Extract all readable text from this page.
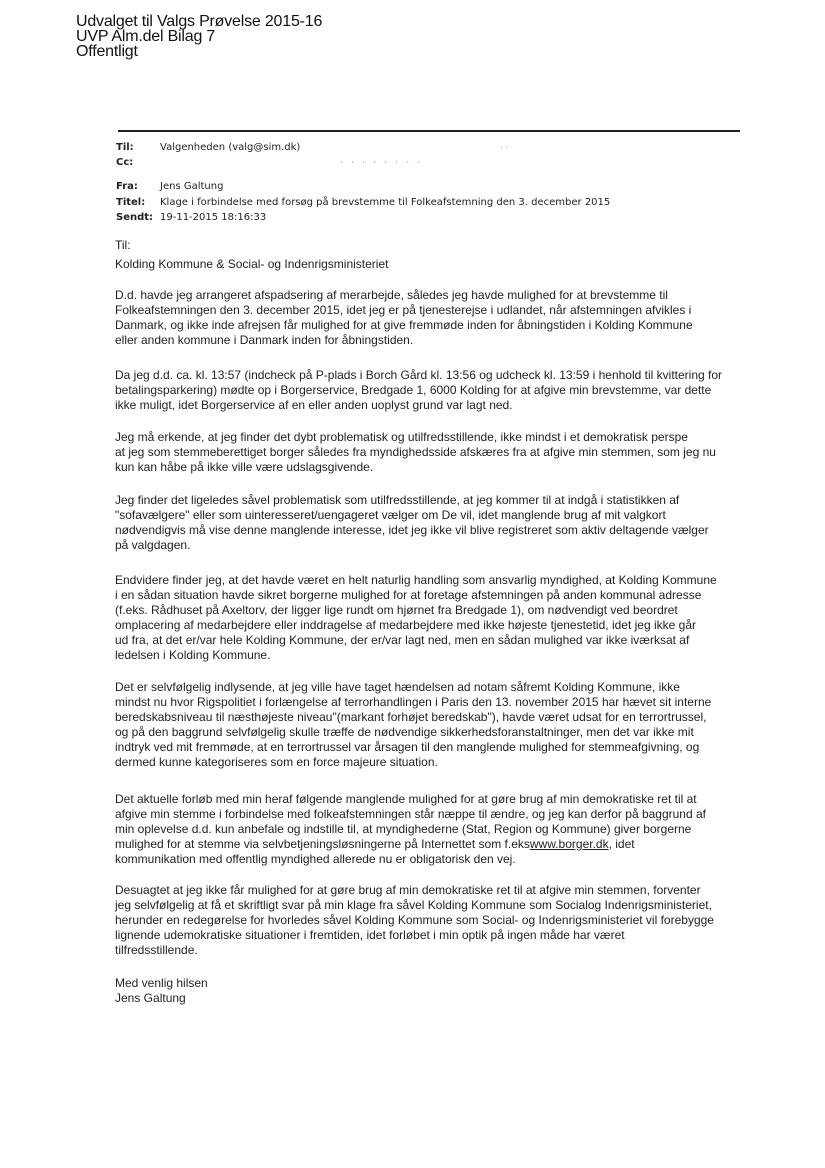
Udvalget til Valgs Prøvelse 2015-16
UVP Alm.del Bilag 7
Offentligt
Til:	Valgenheden (valg@sim.dk)
Cc:	· · · · · · · ·
··
Fra: Jens Galtung
Titel: Klage i forbindelse med forsøg på brevstemme til Folkeafstemning den 3. december 2015
Sendt: 19-11-2015 18:16:33
Til:
Kolding Kommune & Social- og Indenrigsministeriet
D.d. havde jeg arrangeret afspadsering af merarbejde, således jeg havde mulighed for at brevstemme til
Folkeafstemningen den 3. december 2015, idet jeg er på tjenesterejse i udlandet, når afstemningen afvikles i
Danmark, og ikke inde afrejsen får mulighed for at give fremmøde inden for åbningstiden i Kolding Kommune
eller anden kommune i Danmark inden for åbningstiden.
Da jeg d.d. ca. kl. 13:57 (indcheck på P-plads i Borch Gård kl. 13:56 og udcheck kl. 13:59 i henhold til kvittering for
betalingsparkering) mødte op i Borgerservice, Bredgade 1, 6000 Kolding for at afgive min brevstemme, var dette
ikke muligt, idet Borgerservice af en eller anden uoplyst grund var lagt ned.
Jeg må erkende, at jeg finder det dybt problematisk og utilfredsstillende, ikke mindst i et demokratisk perspe
at jeg som stemmeberettiget borger således fra myndighedsside afskæres fra at afgive min stemmen, som jeg nu
kun kan håbe på ikke ville være udslagsgivende.
Jeg finder det ligeledes såvel problematisk som utilfredsstillende, at jeg kommer til at indgå i statistikken af
"sofavælgere" eller som uinteresseret/uengageret vælger om De vil, idet manglende brug af mit valgkort
nødvendigvis må vise denne manglende interesse, idet jeg ikke vil blive registreret som aktiv deltagende vælger
på valgdagen.
Endvidere finder jeg, at det havde været en helt naturlig handling som ansvarlig myndighed, at Kolding Kommune
i en sådan situation havde sikret borgerne mulighed for at foretage afstemningen på anden kommunal adresse
(f.eks. Rådhuset på Axeltorv, der ligger lige rundt om hjørnet fra Bredgade 1), om nødvendigt ved beordret
omplacering af medarbejdere eller inddragelse af medarbejdere med ikke højeste tjenestetid, idet jeg ikke går
ud fra, at det er/var hele Kolding Kommune, der er/var lagt ned, men en sådan mulighed var ikke iværksat af
ledelsen i Kolding Kommune.
Det er selvfølgelig indlysende, at jeg ville have taget hændelsen ad notam såfremt Kolding Kommune, ikke
mindst nu hvor Rigspolitiet i forlængelse af terrorhandlingen i Paris den 13. november 2015 har hævet sit interne
beredskabsniveau til næsthøjeste niveau"(markant forhøjet beredskab"), havde været udsat for en terrortrussel,
og på den baggrund selvfølgelig skulle træffe de nødvendige sikkerhedsforanstaltninger, men det var ikke mit
indtryk ved mit fremmøde, at en terrortrussel var årsagen til den manglende mulighed for stemmeafgivning, og
dermed kunne kategoriseres som en force majeure situation.
Det aktuelle forløb med min heraf følgende manglende mulighed for at gøre brug af min demokratiske ret til at
afgive min stemme i forbindelse med folkeafstemningen står næppe til ændre, og jeg kan derfor på baggrund af
min oplevelse d.d. kun anbefale og indstille til, at myndighederne (Stat, Region og Kommune) giver borgerne
mulighed for at stemme via selvbetjeningsløsningerne på Internettet som f.ekswww.borger.dk, idet
kommunikation med offentlig myndighed allerede nu er obligatorisk den vej.
Desuagtet at jeg ikke får mulighed for at gøre brug af min demokratiske ret til at afgive min stemmen, forventer
jeg selvfølgelig at få et skriftligt svar på min klage fra såvel Kolding Kommune som Socialog Indenrigsministeriet,
herunder en redegørelse for hvorledes såvel Kolding Kommune som Social- og Indenrigsministeriet vil forebygge
lignende udemokratiske situationer i fremtiden, idet forløbet i min optik på ingen måde har været
tilfredsstillende.
Med venlig hilsen
Jens Galtung
